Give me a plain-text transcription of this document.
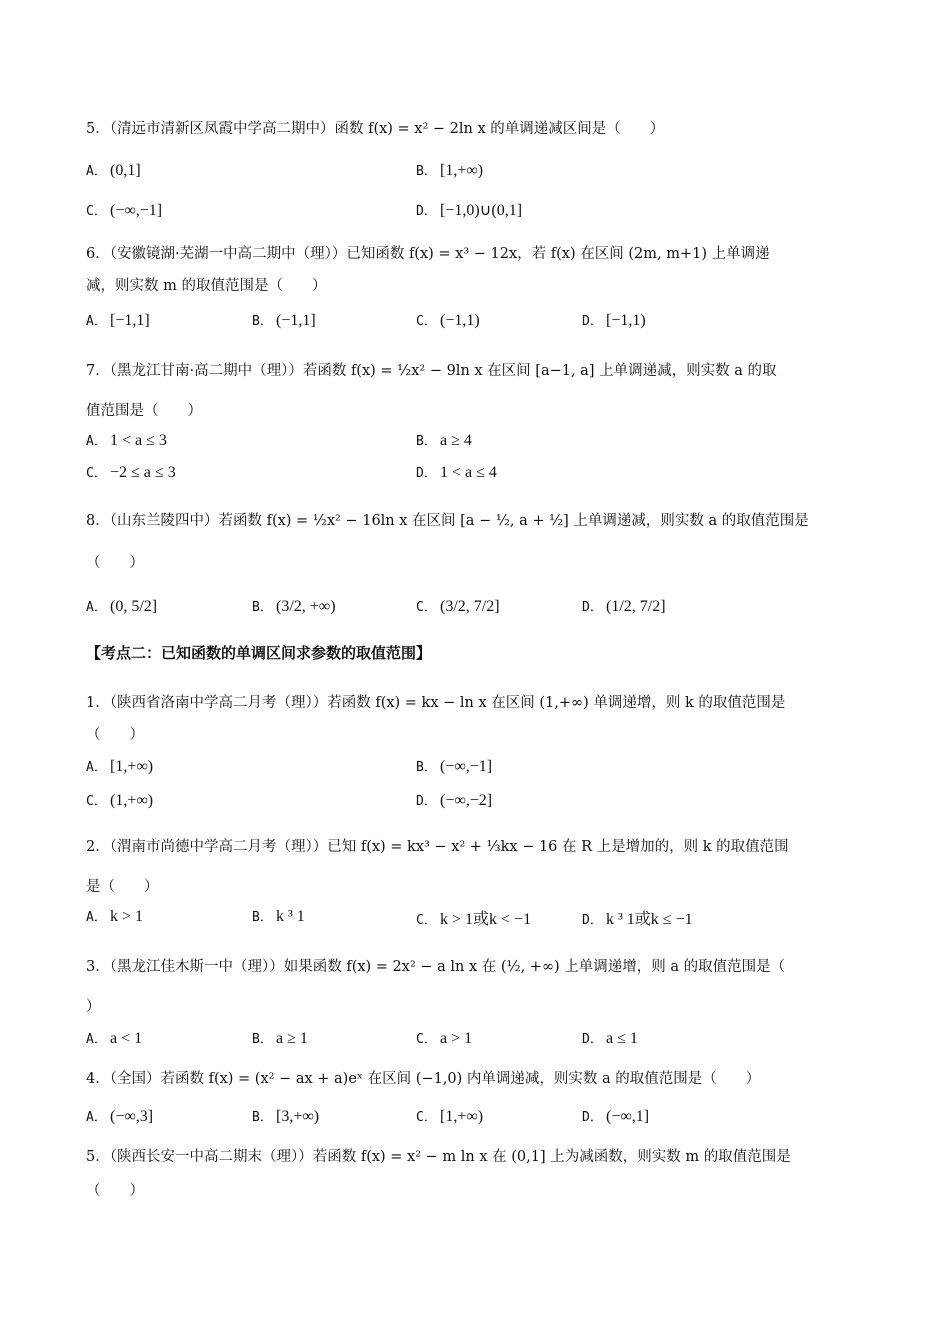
5．（清远市清新区凤霞中学高二期中）函数 f(x) = x² − 2ln x 的单调递减区间是（　　）
A． (0,1]	B． [1,+∞)
C． (−∞,−1]	D． [−1,0)∪(0,1]
6．（安徽镜湖·芜湖一中高二期中（理））已知函数 f(x) = x³ − 12x，若 f(x) 在区间 (2m, m+1) 上单调递
减，则实数 m 的取值范围是（　　）
A． [−1,1]	B． (−1,1]	C． (−1,1)	D． [−1,1)
7．（黑龙江甘南·高二期中（理））若函数 f(x) = ½x² − 9ln x 在区间 [a−1, a] 上单调递减，则实数 a 的取
值范围是（　　）
A． 1 < a ≤ 3	B． a ≥ 4
C． −2 ≤ a ≤ 3	D． 1 < a ≤ 4
8．（山东兰陵四中）若函数 f(x) = ½x² − 16ln x 在区间 [a − ½, a + ½] 上单调递减，则实数 a 的取值范围是
（　　）
A． (0, 5/2]	B． (3/2, +∞)	C． (3/2, 7/2]	D． (1/2, 7/2]
【考点二：已知函数的单调区间求参数的取值范围】
1．（陕西省洛南中学高二月考（理））若函数 f(x) = kx − ln x 在区间 (1,+∞) 单调递增，则 k 的取值范围是
（　　）
A． [1,+∞)	B． (−∞,−1]
C． (1,+∞)	D． (−∞,−2]
2．（渭南市尚德中学高二月考（理））已知 f(x) = kx³ − x² + ⅓kx − 16 在 R 上是增加的，则 k 的取值范围
是（　　）
A． k > 1	B． k ³ 1	C． k > 1或k < −1	D． k ³ 1或k ≤ −1
3．（黑龙江佳木斯一中（理））如果函数 f(x) = 2x² − a ln x 在 (½, +∞) 上单调递增，则 a 的取值范围是（
）
A． a < 1	B． a ≥ 1	C． a > 1	D． a ≤ 1
4．（全国）若函数 f(x) = (x² − ax + a)eˣ 在区间 (−1,0) 内单调递减，则实数 a 的取值范围是（　　）
A． (−∞,3]	B． [3,+∞)	C． [1,+∞)	D． (−∞,1]
5．（陕西长安一中高二期末（理））若函数 f(x) = x² − m ln x 在 (0,1] 上为减函数，则实数 m 的取值范围是
（　　）
